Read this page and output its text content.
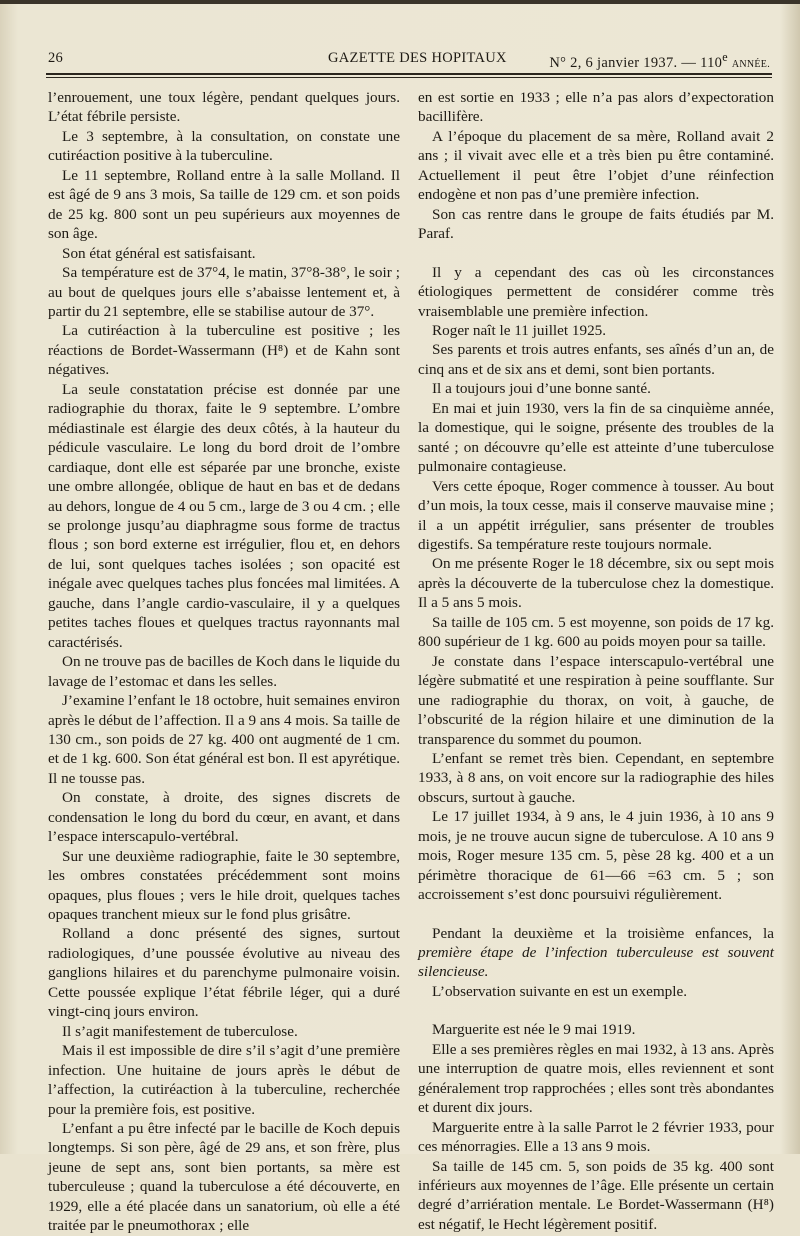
26	GAZETTE DES HOPITAUX	N° 2, 6 janvier 1937. — 110e ANNÉE.

l’enrouement, une toux légère, pendant quelques jours. L’état fébrile persiste.

Le 3 septembre, à la consultation, on constate une cutiréaction positive à la tuberculine.

Le 11 septembre, Rolland entre à la salle Molland. Il est âgé de 9 ans 3 mois, Sa taille de 129 cm. et son poids de 25 kg. 800 sont un peu supérieurs aux moyennes de son âge.

Son état général est satisfaisant.

Sa température est de 37°4, le matin, 37°8-38°, le soir ; au bout de quelques jours elle s’abaisse lentement et, à partir du 21 septembre, elle se stabilise autour de 37°.

La cutiréaction à la tuberculine est positive ; les réactions de Bordet-Wassermann (H⁸) et de Kahn sont négatives.

La seule constatation précise est donnée par une radiographie du thorax, faite le 9 septembre. L’ombre médiastinale est élargie des deux côtés, à la hauteur du pédicule vasculaire. Le long du bord droit de l’ombre cardiaque, dont elle est séparée par une bronche, existe une ombre allongée, oblique de haut en bas et de dedans au dehors, longue de 4 ou 5 cm., large de 3 ou 4 cm. ; elle se prolonge jusqu’au diaphragme sous forme de tractus flous ; son bord externe est irrégulier, flou et, en dehors de lui, sont quelques taches isolées ; son opacité est inégale avec quelques taches plus foncées mal limitées. A gauche, dans l’angle cardio-vasculaire, il y a quelques petites taches floues et quelques tractus rayonnants mal caractérisés.

On ne trouve pas de bacilles de Koch dans le liquide du lavage de l’estomac et dans les selles.

J’examine l’enfant le 18 octobre, huit semaines environ après le début de l’affection. Il a 9 ans 4 mois. Sa taille de 130 cm., son poids de 27 kg. 400 ont augmenté de 1 cm. et de 1 kg. 600. Son état général est bon. Il est apyrétique. Il ne tousse pas.

On constate, à droite, des signes discrets de condensation le long du bord du cœur, en avant, et dans l’espace interscapulo-vertébral.

Sur une deuxième radiographie, faite le 30 septembre, les ombres constatées précédemment sont moins opaques, plus floues ; vers le hile droit, quelques taches opaques tranchent mieux sur le fond plus grisâtre.

Rolland a donc présenté des signes, surtout radiologiques, d’une poussée évolutive au niveau des ganglions hilaires et du parenchyme pulmonaire voisin. Cette poussée explique l’état fébrile léger, qui a duré vingt-cinq jours environ.

Il s’agit manifestement de tuberculose.

Mais il est impossible de dire s’il s’agit d’une première infection. Une huitaine de jours après le début de l’affection, la cutiréaction à la tuberculine, recherchée pour la première fois, est positive.

L’enfant a pu être infecté par le bacille de Koch depuis longtemps. Si son père, âgé de 29 ans, et son frère, plus jeune de sept ans, sont bien portants, sa mère est tuberculeuse ; quand la tuberculose a été découverte, en 1929, elle a été placée dans un sanatorium, où elle a été traitée par le pneumothorax ; elle

en est sortie en 1933 ; elle n’a pas alors d’expectoration bacillifère.

A l’époque du placement de sa mère, Rolland avait 2 ans ; il vivait avec elle et a très bien pu être contaminé. Actuellement il peut être l’objet d’une réinfection endogène et non pas d’une première infection.

Son cas rentre dans le groupe de faits étudiés par M. Paraf.

Il y a cependant des cas où les circonstances étiologiques permettent de considérer comme très vraisemblable une première infection.

Roger naît le 11 juillet 1925.

Ses parents et trois autres enfants, ses aînés d’un an, de cinq ans et de six ans et demi, sont bien portants.

Il a toujours joui d’une bonne santé.

En mai et juin 1930, vers la fin de sa cinquième année, la domestique, qui le soigne, présente des troubles de la santé ; on découvre qu’elle est atteinte d’une tuberculose pulmonaire contagieuse.

Vers cette époque, Roger commence à tousser. Au bout d’un mois, la toux cesse, mais il conserve mauvaise mine ; il a un appétit irrégulier, sans présenter de troubles digestifs. Sa température reste toujours normale.

On me présente Roger le 18 décembre, six ou sept mois après la découverte de la tuberculose chez la domestique. Il a 5 ans 5 mois.

Sa taille de 105 cm. 5 est moyenne, son poids de 17 kg. 800 supérieur de 1 kg. 600 au poids moyen pour sa taille.

Je constate dans l’espace interscapulo-vertébral une légère submatité et une respiration à peine soufflante. Sur une radiographie du thorax, on voit, à gauche, de l’obscurité de la région hilaire et une diminution de la transparence du sommet du poumon.

L’enfant se remet très bien. Cependant, en septembre 1933, à 8 ans, on voit encore sur la radiographie des hiles obscurs, surtout à gauche.

Le 17 juillet 1934, à 9 ans, le 4 juin 1936, à 10 ans 9 mois, je ne trouve aucun signe de tuberculose. A 10 ans 9 mois, Roger mesure 135 cm. 5, pèse 28 kg. 400 et a un périmètre thoracique de 61—66 =63 cm. 5 ; son accroissement s’est donc poursuivi régulièrement.

Pendant la deuxième et la troisième enfances, la première étape de l’infection tuberculeuse est souvent silencieuse.

L’observation suivante en est un exemple.

Marguerite est née le 9 mai 1919.

Elle a ses premières règles en mai 1932, à 13 ans. Après une interruption de quatre mois, elles reviennent et sont généralement trop rapprochées ; elles sont très abondantes et durent dix jours.

Marguerite entre à la salle Parrot le 2 février 1933, pour ces ménorragies. Elle a 13 ans 9 mois.

Sa taille de 145 cm. 5, son poids de 35 kg. 400 sont inférieurs aux moyennes de l’âge. Elle présente un certain degré d’arriération mentale. Le Bordet-Wassermann (H⁸) est négatif, le Hecht légèrement positif.
